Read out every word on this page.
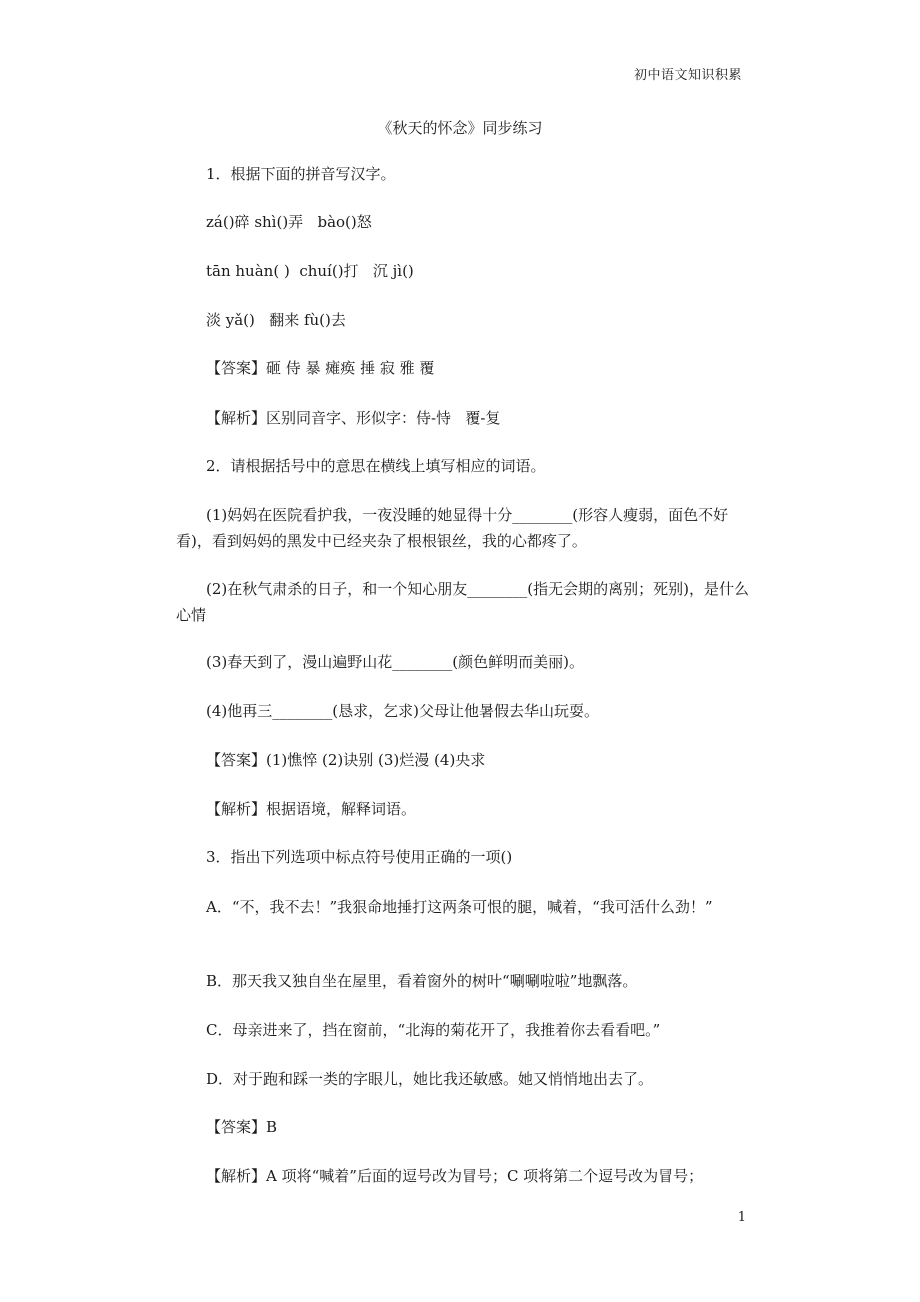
初中语文知识积累
《秋天的怀念》同步练习
1．根据下面的拼音写汉字。
zá()碎 shì()弄   bào()怒
tān huàn( )  chuí()打   沉 jì()
淡 yǎ()   翻来 fù()去
【答案】砸 侍 暴 瘫痪 捶 寂 雅 覆
【解析】区别同音字、形似字：侍-恃   覆-复
2．请根据括号中的意思在横线上填写相应的词语。
(1)妈妈在医院看护我，一夜没睡的她显得十分________(形容人瘦弱，面色不好看)，看到妈妈的黑发中已经夹杂了根根银丝，我的心都疼了。
(2)在秋气肃杀的日子，和一个知心朋友________(指无会期的离别；死别)，是什么心情
(3)春天到了，漫山遍野山花________(颜色鲜明而美丽)。
(4)他再三________(恳求，乞求)父母让他暑假去华山玩耍。
【答案】(1)憔悴 (2)诀别 (3)烂漫 (4)央求
【解析】根据语境，解释词语。
3．指出下列选项中标点符号使用正确的一项()
A．“不，我不去！”我狠命地捶打这两条可恨的腿，喊着，“我可活什么劲！”
B．那天我又独自坐在屋里，看着窗外的树叶“唰唰啦啦”地飘落。
C．母亲进来了，挡在窗前，“北海的菊花开了，我推着你去看看吧。”
D．对于跑和踩一类的字眼儿，她比我还敏感。她又悄悄地出去了。
【答案】B
【解析】A 项将“喊着”后面的逗号改为冒号；C 项将第二个逗号改为冒号；
1
